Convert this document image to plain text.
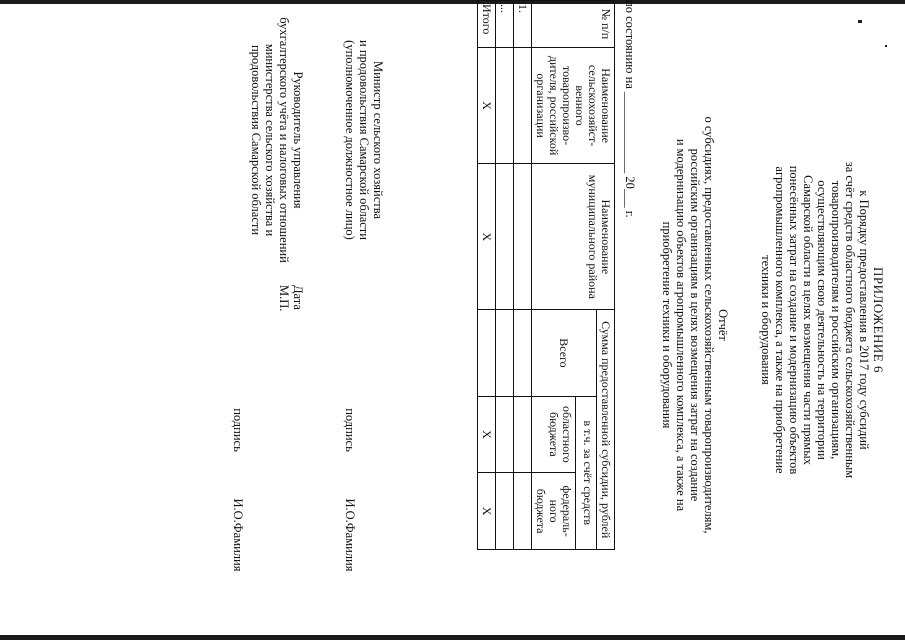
ПРИЛОЖЕНИЕ 6

к Порядку предоставления в 2017 году субсидий

за счёт средств областного бюджета сельскохозяйственным

товаропроизводителям и российским организациям,

осуществляющим свою деятельность на территории

Самарской области в целях возмещения части прямых

понесённых затрат на создание и модернизацию объектов

агропромышленного комплекса, а также на приобретение

техники и оборудования

Отчёт

о субсидиях, предоставленных сельскохозяйственным товаропроизводителям,

российским организациям в целях возмещения затрат на создание

и модернизацию объектов агропромышленного комплекса, а также на

приобретение техники и оборудования

по состоянию на _____________ 20___ г.
№ п/п	Наименование сельскохозяйст-венного товаропроизво-дителя, российской организации	Наименование муниципального района	Сумма предоставленной субсидии, рублей		
			Всего	в т.ч. за счёт средств	
				областного бюджета	федераль-ного бюджета
1.					
...					
Итого	Х	Х		Х	Х
Министр сельского хозяйства
и продовольствия Самарской области
(уполномоченное должностное лицо)
подпись
И.О.Фамилия
Руководитель управления
бухгалтерского учёта и налоговых отношений
министерства сельского хозяйства и
продовольствия Самарской области
подпись
И.О.Фамилия
Дата
М.П.
